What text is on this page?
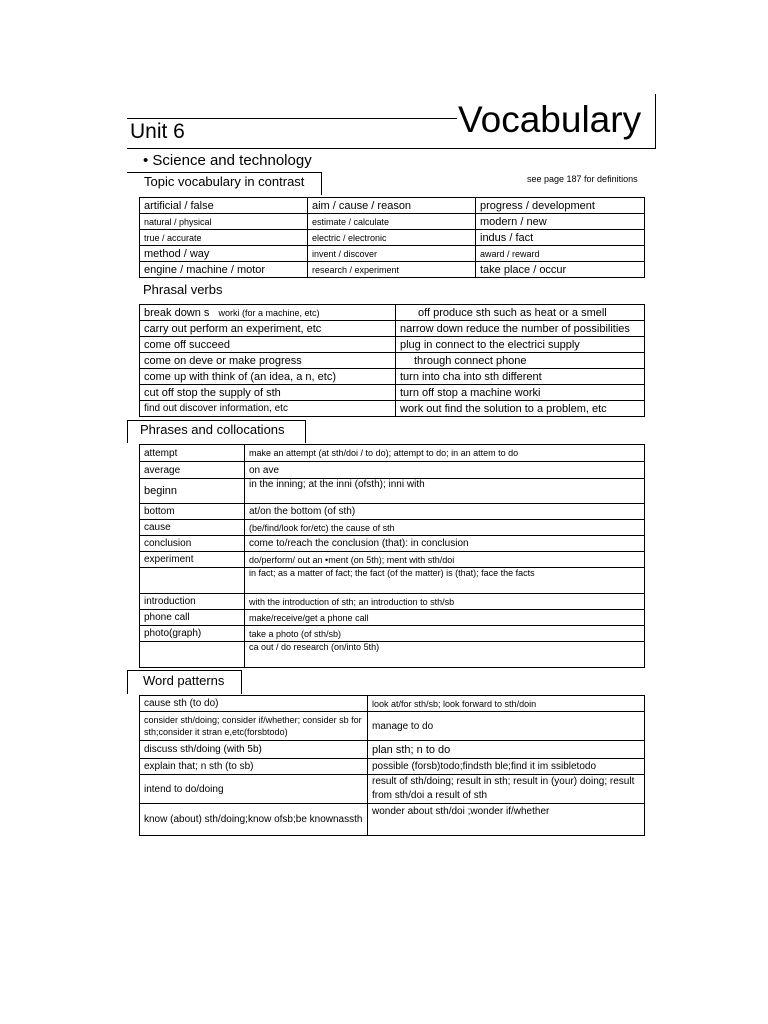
Unit 6	Vocabulary
• Science and technology
Topic vocabulary in contrast	see page 187 for definitions
artificial / false	aim / cause / reason	progress / development
natural / physical	estimate / calculate	modern / new
true / accurate	electric / electronic	indus / fact
method / way	invent / discover	award / reward
engine / machine / motor	research / experiment	take place / occur
Phrasal verbs
break down s worki (for a machine, etc)	off produce sth such as heat or a smell
carry out perform an experiment, etc	narrow down reduce the number of possibilities
come off succeed	plug in connect to the electrici supply
come on deve or make progress	through connect phone
come up with think of (an idea, a n, etc)	turn into cha into sth different
cut off stop the supply of sth	turn off stop a machine worki
find out discover information, etc	work out find the solution to a problem, etc
Phrases and collocations
attempt	make an attempt (at sth/doi / to do); attempt to do; in an attem to do
average	on ave
beginn	in the inning; at the inni (ofsth); inni with
bottom	at/on the bottom (of sth)
cause	(be/find/look for/etc) the cause of sth
conclusion	come to/reach the conclusion (that): in conclusion
experiment	do/perform/ out an •ment (on 5th); ment with sth/doi
	in fact; as a matter of fact; the fact (of the matter) is (that); face the facts
introduction	with the introduction of sth; an introduction to sth/sb
phone call	make/receive/get a phone call
photo(graph)	take a photo (of sth/sb)
	ca out / do research (on/into 5th)
Word patterns
cause sth (to do)	look at/for sth/sb; look forward to sth/doin
consider sth/doing; consider if/whether; consider sb for sth;consider it stran e,etc(forsbtodo)	manage to do
discuss sth/doing (with 5b)	plan sth; n to do
explain that; n sth (to sb)	possible (forsb)todo;findsth ble;find it im ssibletodo
intend to do/doing	result of sth/doing; result in sth; result in (your) doing; result from sth/doi a result of sth
know (about) sth/doing;know ofsb;be knownassth	wonder about sth/doi ;wonder if/whether
